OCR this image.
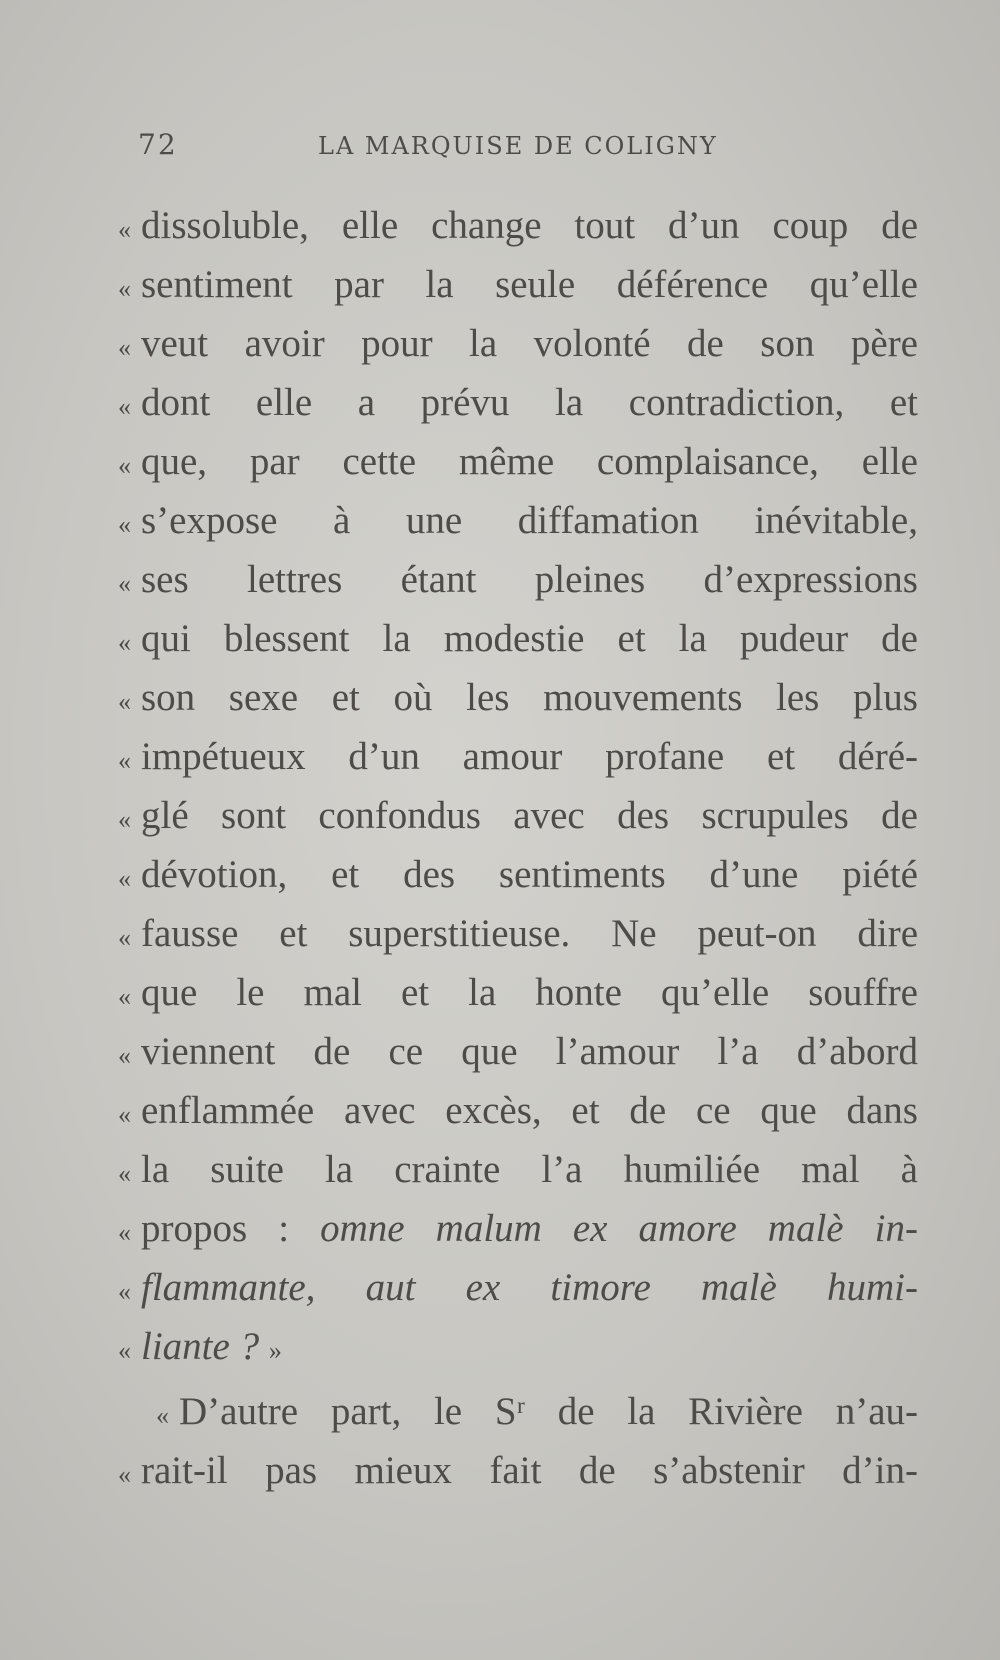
72	LA MARQUISE DE COLIGNY
« dissoluble, elle change tout d’un coup de
« sentiment par la seule déférence qu’elle
« veut avoir pour la volonté de son père
« dont elle a prévu la contradiction, et
« que, par cette même complaisance, elle
« s’expose à une diffamation inévitable,
« ses lettres étant pleines d’expressions
« qui blessent la modestie et la pudeur de
« son sexe et où les mouvements les plus
« impétueux d’un amour profane et déré-
« glé sont confondus avec des scrupules de
« dévotion, et des sentiments d’une piété
« fausse et superstitieuse. Ne peut-on dire
« que le mal et la honte qu’elle souffre
« viennent de ce que l’amour l’a d’abord
« enflammée avec excès, et de ce que dans
« la suite la crainte l’a humiliée mal à
« propos : omne malum ex amore malè in-
« flammante, aut ex timore malè humi-
« liante ? »
« D’autre part, le Sʳ de la Rivière n’au-
« rait-il pas mieux fait de s’abstenir d’in-
